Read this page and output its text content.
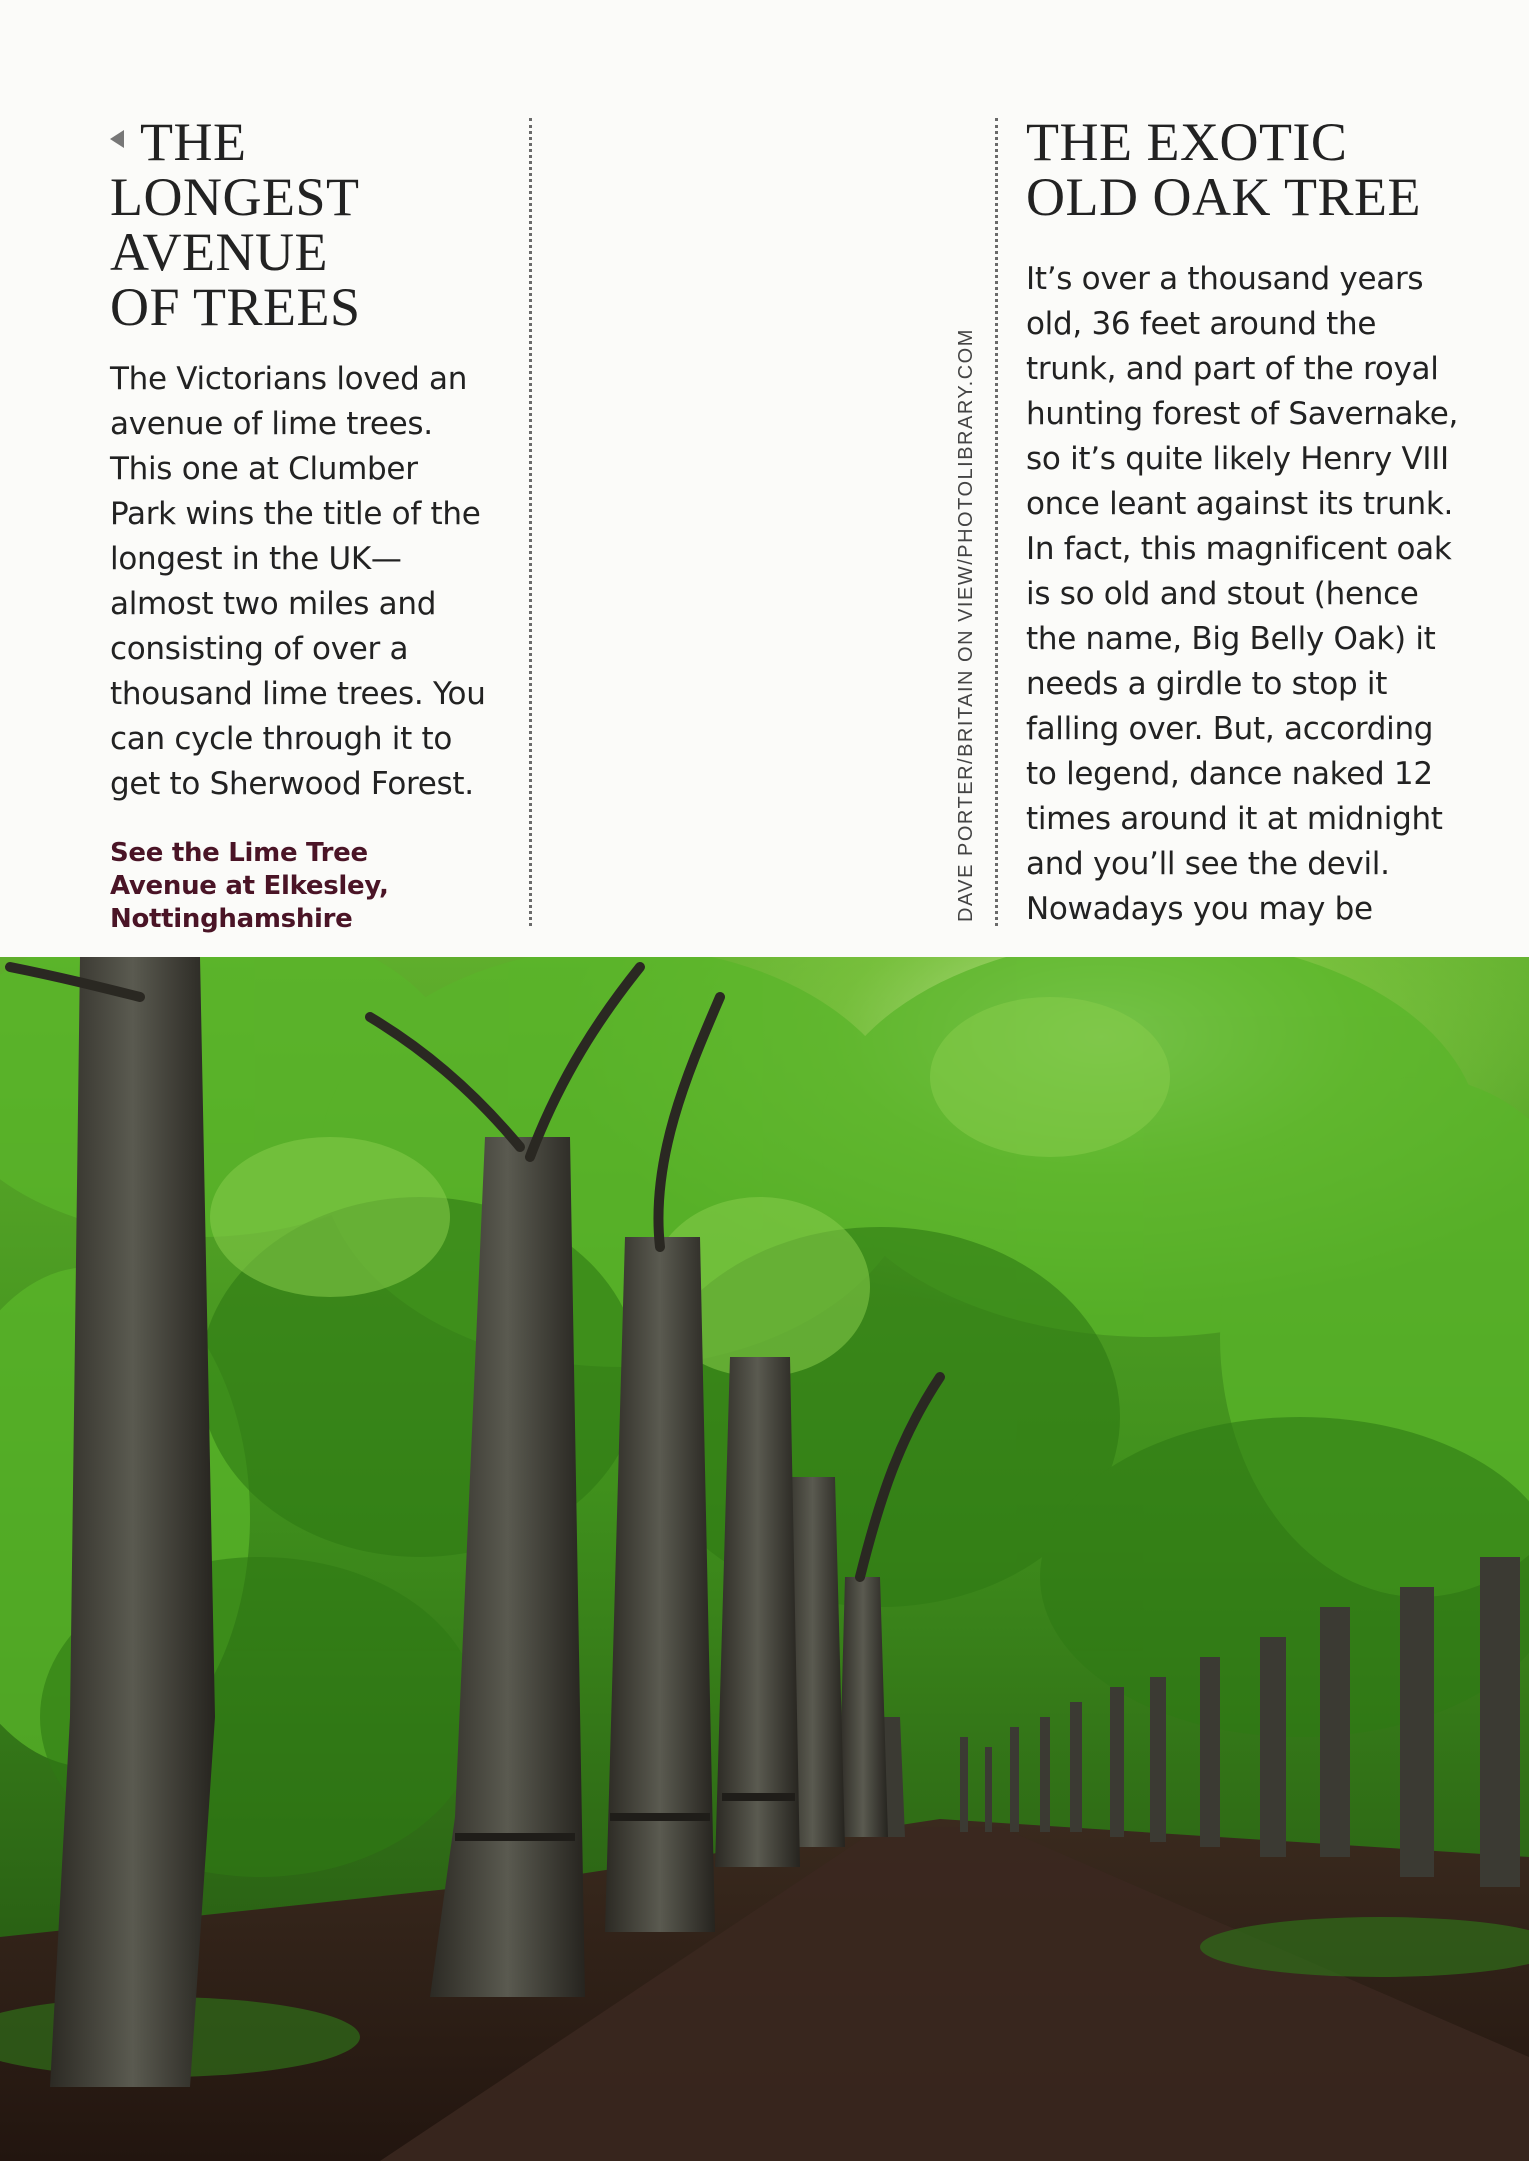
THE
LONGEST
AVENUE
OF TREES

The Victorians loved an
avenue of lime trees.
This one at Clumber
Park wins the title of the
longest in the UK—
almost two miles and
consisting of over a
thousand lime trees. You
can cycle through it to
get to Sherwood Forest.

See the Lime Tree
Avenue at Elkesley,
Nottinghamshire	DAVE PORTER/BRITAIN ON VIEW/PHOTOLIBRARY.COM
THE EXOTIC
OLD OAK TREE

It’s over a thousand years
old, 36 feet around the
trunk, and part of the royal
hunting forest of Savernake,
so it’s quite likely Henry VIII
once leant against its trunk.
In fact, this magnificent oak
is so old and stout (hence
the name, Big Belly Oak) it
needs a girdle to stop it
falling over. But, according
to legend, dance naked 12
times around it at midnight
and you’ll see the devil.
Nowadays you may be
